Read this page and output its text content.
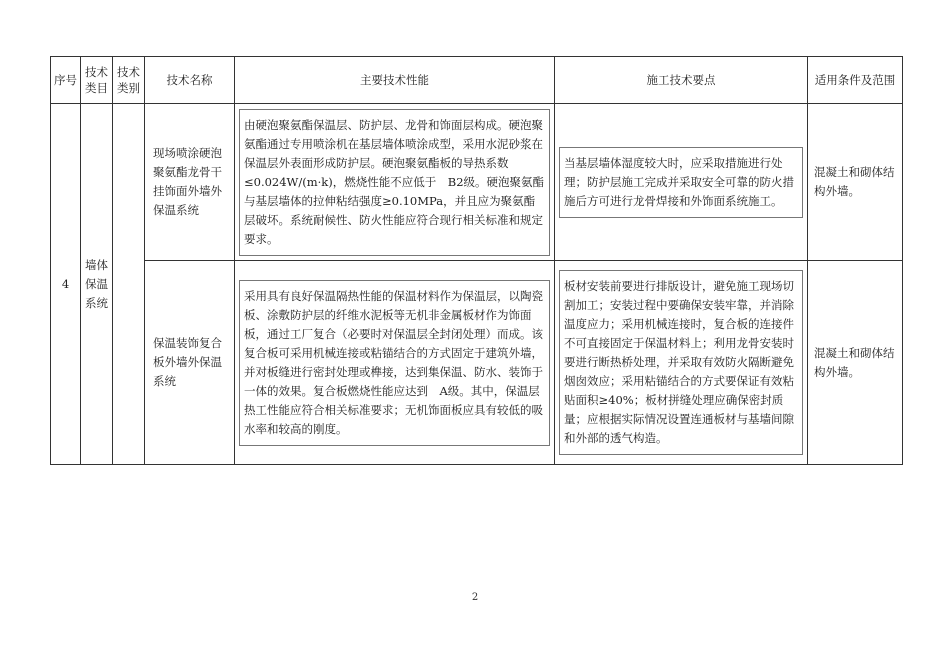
序号	技术类目	技术类别	技术名称	主要技术性能	施工技术要点	适用条件及范围
4	墙体保温系统		现场喷涂硬泡聚氨酯龙骨干挂饰面外墙外保温系统	由硬泡聚氨酯保温层、防护层、龙骨和饰面层构成。硬泡聚氨酯通过专用喷涂机在基层墙体喷涂成型，采用水泥砂浆在保温层外表面形成防护层。硬泡聚氨酯板的导热系数≤0.024W/(m·k)，燃烧性能不应低于　B2级。硬泡聚氨酯与基层墙体的拉伸粘结强度≥0.10MPa，并且应为聚氨酯层破坏。系统耐候性、防火性能应符合现行相关标准和规定要求。	当基层墙体湿度较大时，应采取措施进行处理；防护层施工完成并采取安全可靠的防火措施后方可进行龙骨焊接和外饰面系统施工。	混凝土和砌体结构外墙。
			保温装饰复合板外墙外保温系统	采用具有良好保温隔热性能的保温材料作为保温层，以陶瓷板、涂敷防护层的纤维水泥板等无机非金属板材作为饰面板，通过工厂复合（必要时对保温层全封闭处理）而成。该复合板可采用机械连接或粘锚结合的方式固定于建筑外墙，并对板缝进行密封处理或榫接，达到集保温、防水、装饰于一体的效果。复合板燃烧性能应达到　A级。其中，保温层热工性能应符合相关标准要求；无机饰面板应具有较低的吸水率和较高的刚度。	板材安装前要进行排版设计，避免施工现场切割加工；安装过程中要确保安装牢靠，并消除温度应力；采用机械连接时，复合板的连接件不可直接固定于保温材料上；利用龙骨安装时要进行断热桥处理，并采取有效防火隔断避免烟囱效应；采用粘锚结合的方式要保证有效粘贴面积≥40%；板材拼缝处理应确保密封质量；应根据实际情况设置连通板材与基墙间隙和外部的透气构造。	混凝土和砌体结构外墙。
2
